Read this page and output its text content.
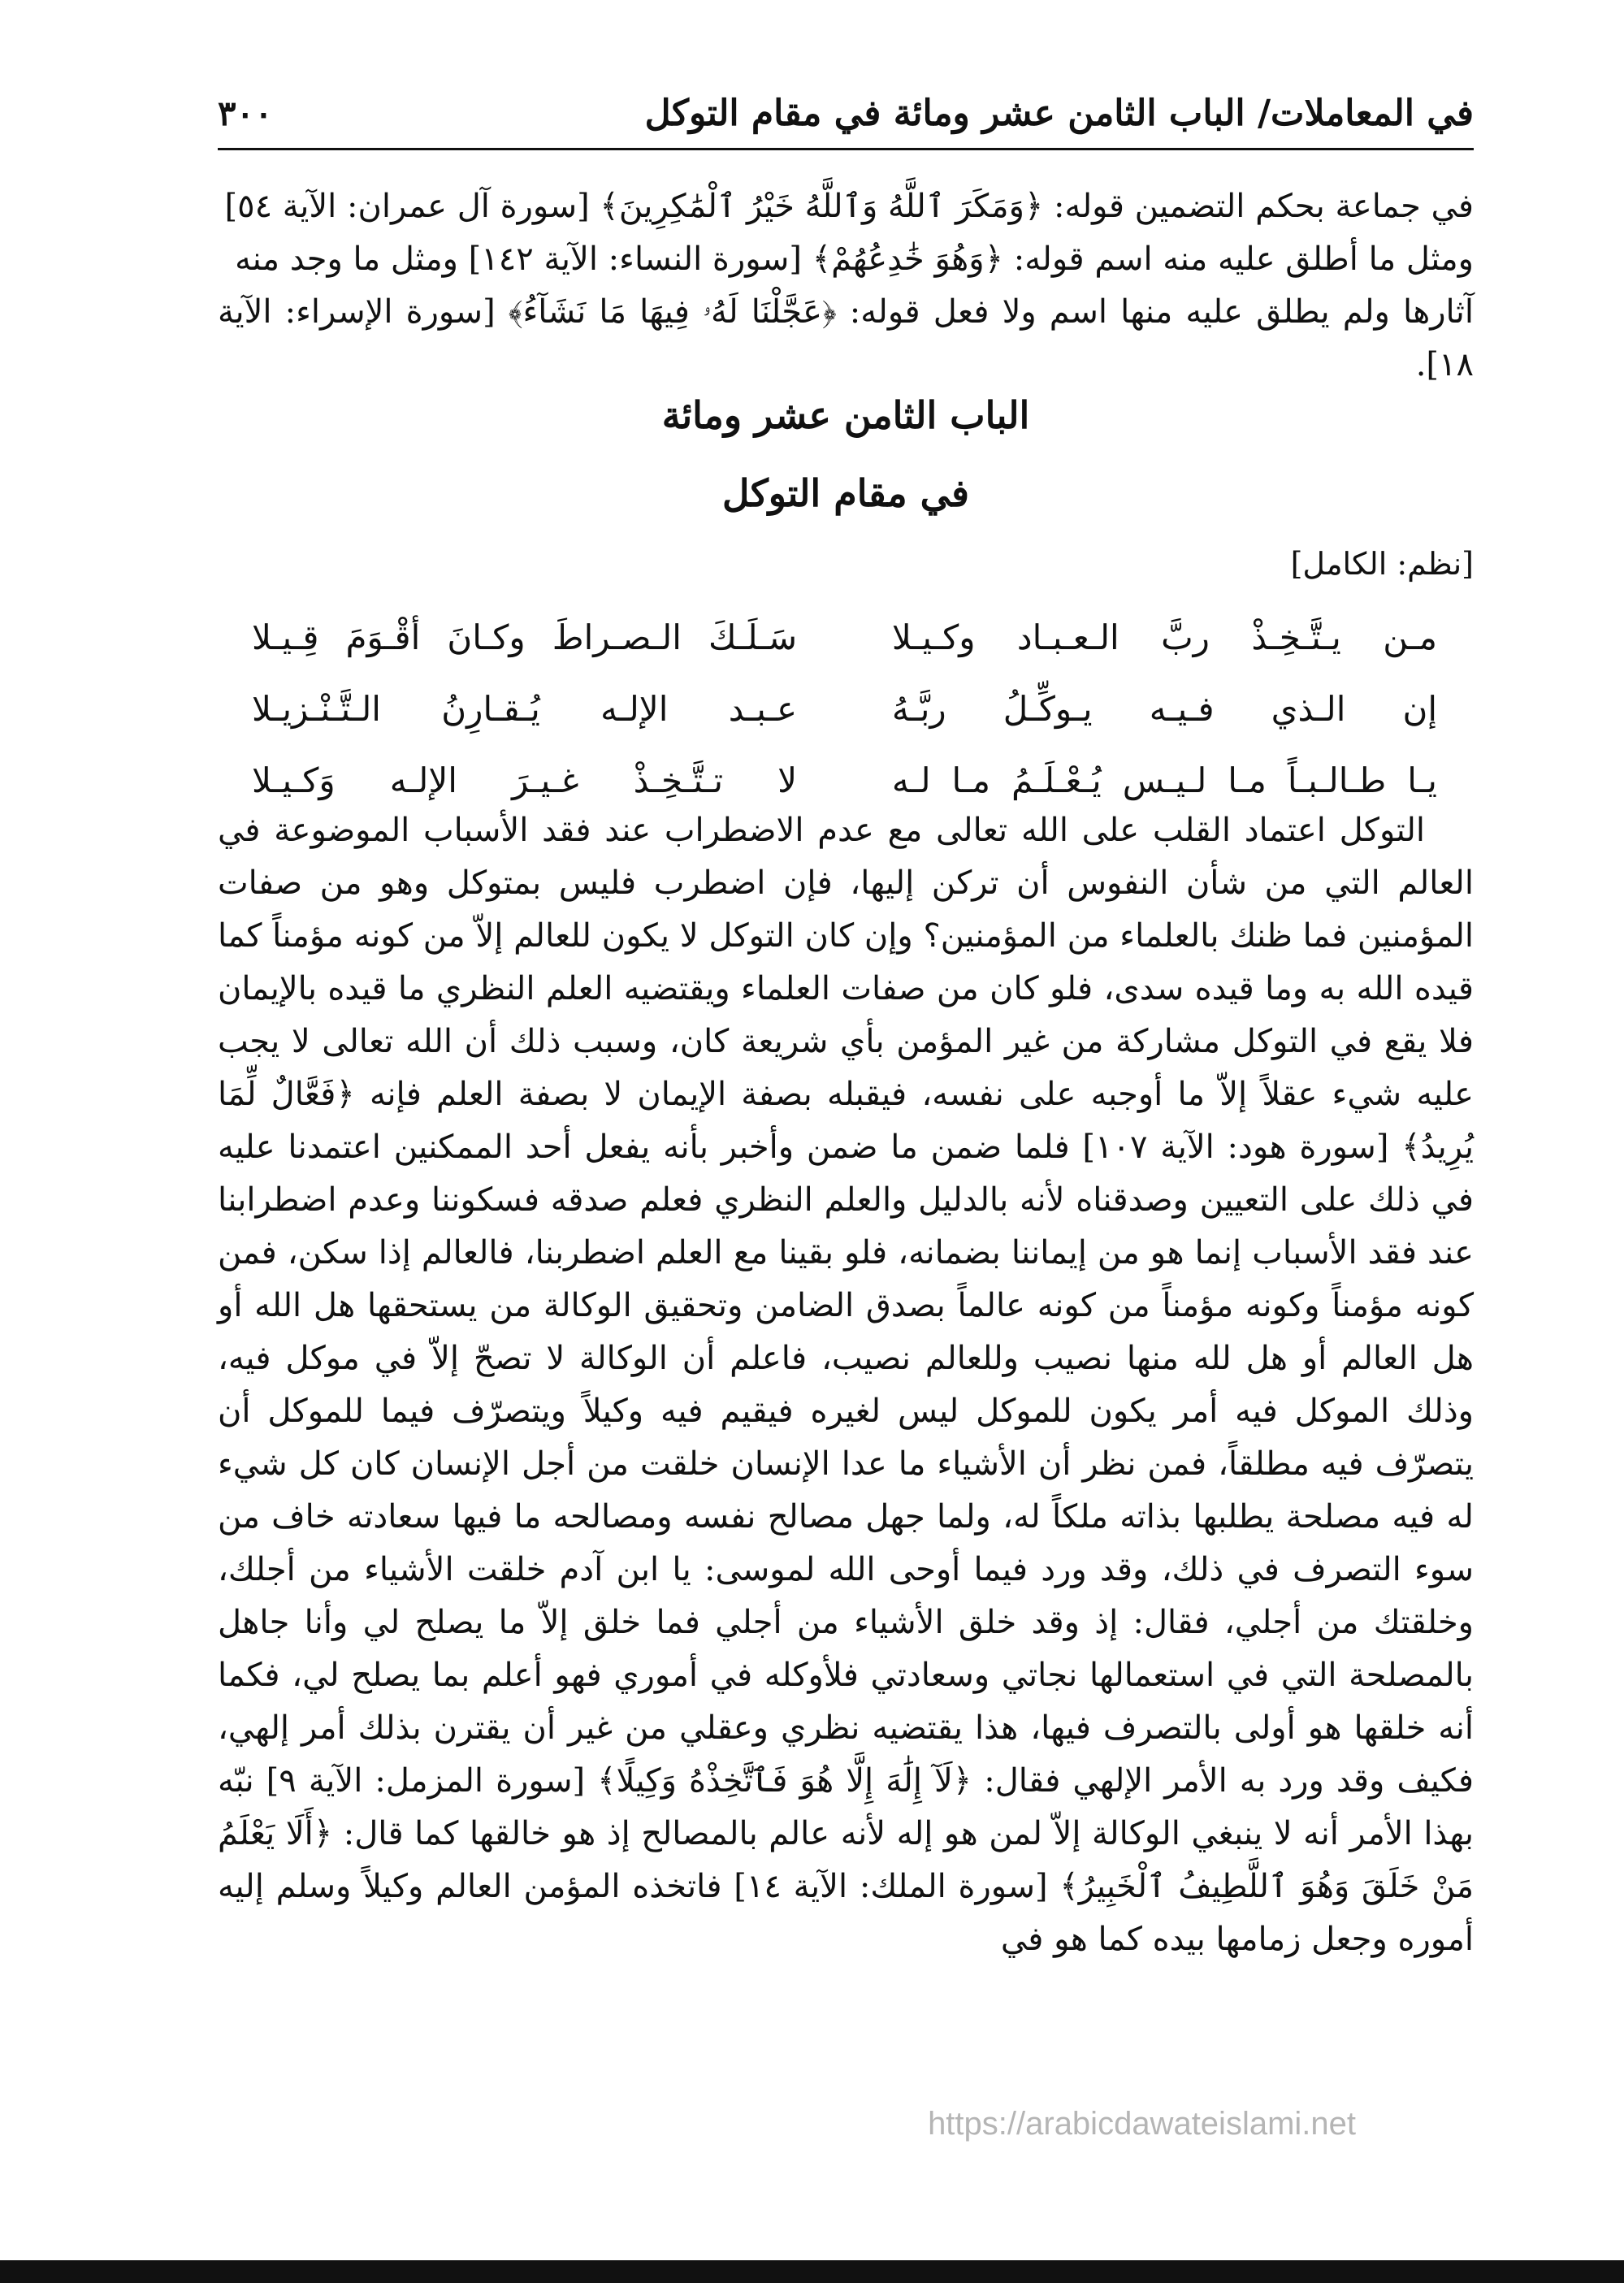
٣٠٠	في المعاملات/ الباب الثامن عشر ومائة في مقام التوكل

في جماعة بحكم التضمين قوله: ﴿وَمَكَرَ ٱللَّهُ وَٱللَّهُ خَيْرُ ٱلْمَٰكِرِينَ﴾ [سورة آل عمران: الآية ٥٤]

ومثل ما أطلق عليه منه اسم قوله: ﴿وَهُوَ خَٰدِعُهُمْ﴾ [سورة النساء: الآية ١٤٢] ومثل ما وجد منه

آثارها ولم يطلق عليه منها اسم ولا فعل قوله: ﴿عَجَّلْنَا لَهُۥ فِيهَا مَا نَشَآءُ﴾ [سورة الإسراء: الآية ١٨].

الباب الثامن عشر ومائة
في مقام التوكل
[نظم: الكامل]
مـن يـتَّـخِـذْ ربَّ الـعـبـاد وكـيـلا
سَـلَـكَ الـصـراطَ وكـانَ أقْـوَمَ قِـيـلا
إن الـذي فـيـه يـوكِّـلُ ربَّـهُ
عـبـد الإلـه يُـقـارِنُ الـتَّـنْـزيـلا
يـا طـالـبـاً مـا لـيـس يُـعْـلَـمُ مـا لـه
لا تـتَّـخِـذْ غـيـرَ الإلـه وَكـيـلا

التوكل اعتماد القلب على الله تعالى مع عدم الاضطراب عند فقد الأسباب الموضوعة في العالم التي من شأن النفوس أن تركن إليها، فإن اضطرب فليس بمتوكل وهو من صفات المؤمنين فما ظنك بالعلماء من المؤمنين؟ وإن كان التوكل لا يكون للعالم إلاّ من كونه مؤمناً كما قيده الله به وما قيده سدى، فلو كان من صفات العلماء ويقتضيه العلم النظري ما قيده بالإيمان فلا يقع في التوكل مشاركة من غير المؤمن بأي شريعة كان، وسبب ذلك أن الله تعالى لا يجب عليه شيء عقلاً إلاّ ما أوجبه على نفسه، فيقبله بصفة الإيمان لا بصفة العلم فإنه ﴿فَعَّالٌ لِّمَا يُرِيدُ﴾ [سورة هود: الآية ١٠٧] فلما ضمن ما ضمن وأخبر بأنه يفعل أحد الممكنين اعتمدنا عليه في ذلك على التعيين وصدقناه لأنه بالدليل والعلم النظري فعلم صدقه فسكوننا وعدم اضطرابنا عند فقد الأسباب إنما هو من إيماننا بضمانه، فلو بقينا مع العلم اضطربنا، فالعالم إذا سكن، فمن كونه مؤمناً وكونه مؤمناً من كونه عالماً بصدق الضامن وتحقيق الوكالة من يستحقها هل الله أو هل العالم أو هل لله منها نصيب وللعالم نصيب، فاعلم أن الوكالة لا تصحّ إلاّ في موكل فيه، وذلك الموكل فيه أمر يكون للموكل ليس لغيره فيقيم فيه وكيلاً ويتصرّف فيما للموكل أن يتصرّف فيه مطلقاً، فمن نظر أن الأشياء ما عدا الإنسان خلقت من أجل الإنسان كان كل شيء له فيه مصلحة يطلبها بذاته ملكاً له، ولما جهل مصالح نفسه ومصالحه ما فيها سعادته خاف من سوء التصرف في ذلك، وقد ورد فيما أوحى الله لموسى: يا ابن آدم خلقت الأشياء من أجلك، وخلقتك من أجلي، فقال: إذ وقد خلق الأشياء من أجلي فما خلق إلاّ ما يصلح لي وأنا جاهل بالمصلحة التي في استعمالها نجاتي وسعادتي فلأوكله في أموري فهو أعلم بما يصلح لي، فكما أنه خلقها هو أولى بالتصرف فيها، هذا يقتضيه نظري وعقلي من غير أن يقترن بذلك أمر إلهي، فكيف وقد ورد به الأمر الإلهي فقال: ﴿لَآ إِلَٰهَ إِلَّا هُوَ فَٱتَّخِذْهُ وَكِيلًا﴾ [سورة المزمل: الآية ٩] نبّه بهذا الأمر أنه لا ينبغي الوكالة إلاّ لمن هو إله لأنه عالم بالمصالح إذ هو خالقها كما قال: ﴿أَلَا يَعْلَمُ مَنْ خَلَقَ وَهُوَ ٱللَّطِيفُ ٱلْخَبِيرُ﴾ [سورة الملك: الآية ١٤] فاتخذه المؤمن العالم وكيلاً وسلم إليه أموره وجعل زمامها بيده كما هو في

https://arabicdawateislami.net
